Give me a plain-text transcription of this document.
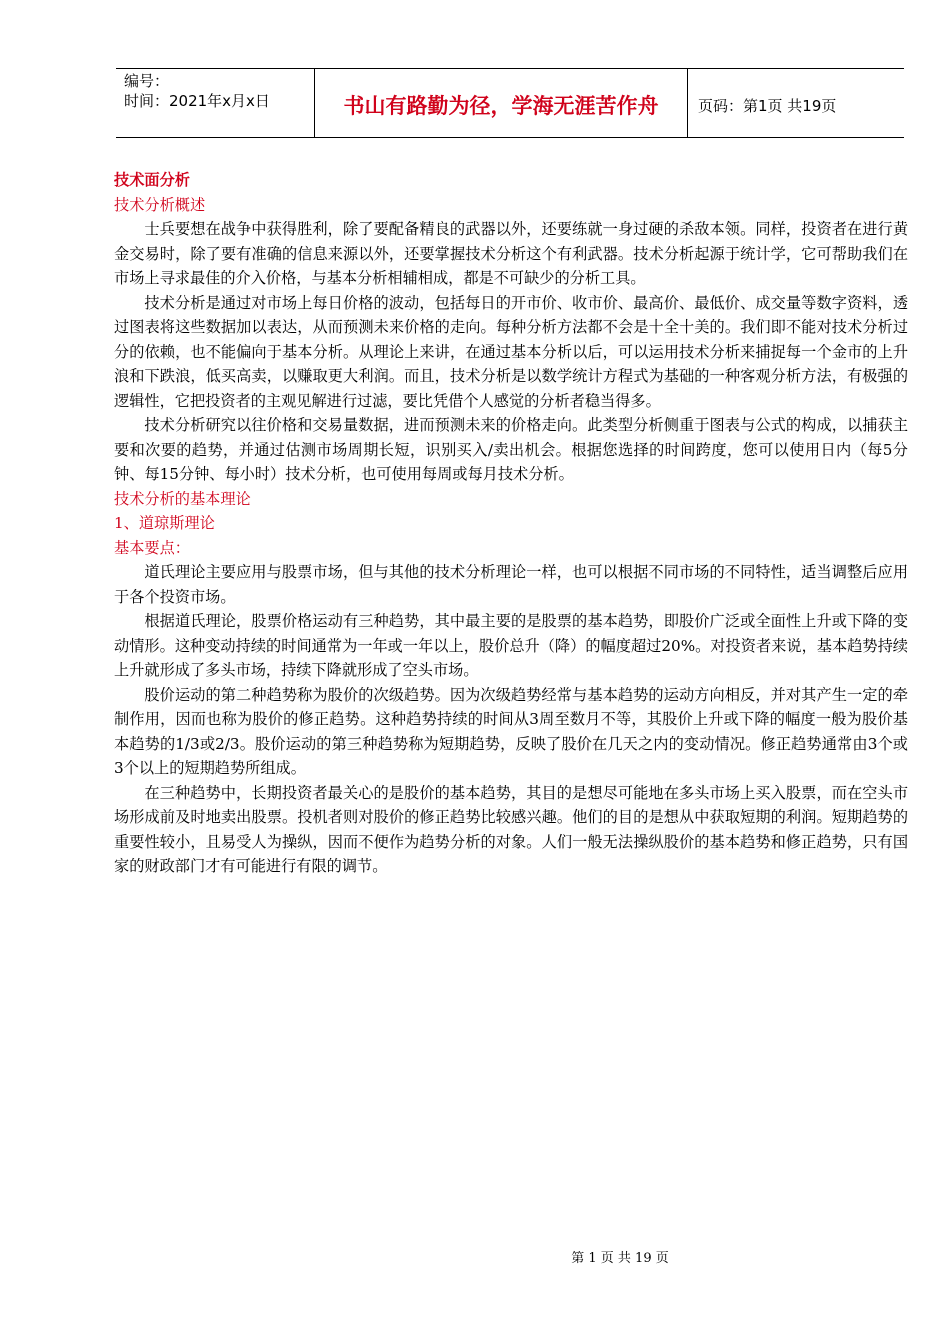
编号：
时间：2021年x月x日	书山有路勤为径，学海无涯苦作舟	页码：第1页 共19页

技术面分析

技术分析概述

士兵要想在战争中获得胜利，除了要配备精良的武器以外，还要练就一身过硬的杀敌本领。同样，投资者在进行黄金交易时，除了要有准确的信息来源以外，还要掌握技术分析这个有利武器。技术分析起源于统计学，它可帮助我们在市场上寻求最佳的介入价格，与基本分析相辅相成，都是不可缺少的分析工具。

技术分析是通过对市场上每日价格的波动，包括每日的开市价、收市价、最高价、最低价、成交量等数字资料，透过图表将这些数据加以表达，从而预测未来价格的走向。每种分析方法都不会是十全十美的。我们即不能对技术分析过分的依赖，也不能偏向于基本分析。从理论上来讲，在通过基本分析以后，可以运用技术分析来捕捉每一个金市的上升浪和下跌浪，低买高卖，以赚取更大利润。而且，技术分析是以数学统计方程式为基础的一种客观分析方法，有极强的逻辑性，它把投资者的主观见解进行过滤，要比凭借个人感觉的分析者稳当得多。

技术分析研究以往价格和交易量数据，进而预测未来的价格走向。此类型分析侧重于图表与公式的构成，以捕获主要和次要的趋势，并通过估测市场周期长短，识别买入/卖出机会。根据您选择的时间跨度，您可以使用日内（每5分钟、每15分钟、每小时）技术分析，也可使用每周或每月技术分析。

技术分析的基本理论

1、道琼斯理论

基本要点：

道氏理论主要应用与股票市场，但与其他的技术分析理论一样，也可以根据不同市场的不同特性，适当调整后应用于各个投资市场。

根据道氏理论，股票价格运动有三种趋势，其中最主要的是股票的基本趋势，即股价广泛或全面性上升或下降的变动情形。这种变动持续的时间通常为一年或一年以上，股价总升（降）的幅度超过20%。对投资者来说，基本趋势持续上升就形成了多头市场，持续下降就形成了空头市场。

股价运动的第二种趋势称为股价的次级趋势。因为次级趋势经常与基本趋势的运动方向相反，并对其产生一定的牵制作用，因而也称为股价的修正趋势。这种趋势持续的时间从3周至数月不等，其股价上升或下降的幅度一般为股价基本趋势的1/3或2/3。股价运动的第三种趋势称为短期趋势，反映了股价在几天之内的变动情况。修正趋势通常由3个或3个以上的短期趋势所组成。

在三种趋势中，长期投资者最关心的是股价的基本趋势，其目的是想尽可能地在多头市场上买入股票，而在空头市场形成前及时地卖出股票。投机者则对股价的修正趋势比较感兴趣。他们的目的是想从中获取短期的利润。短期趋势的重要性较小，且易受人为操纵，因而不便作为趋势分析的对象。人们一般无法操纵股价的基本趋势和修正趋势，只有国家的财政部门才有可能进行有限的调节。

第 1 页 共 19 页
